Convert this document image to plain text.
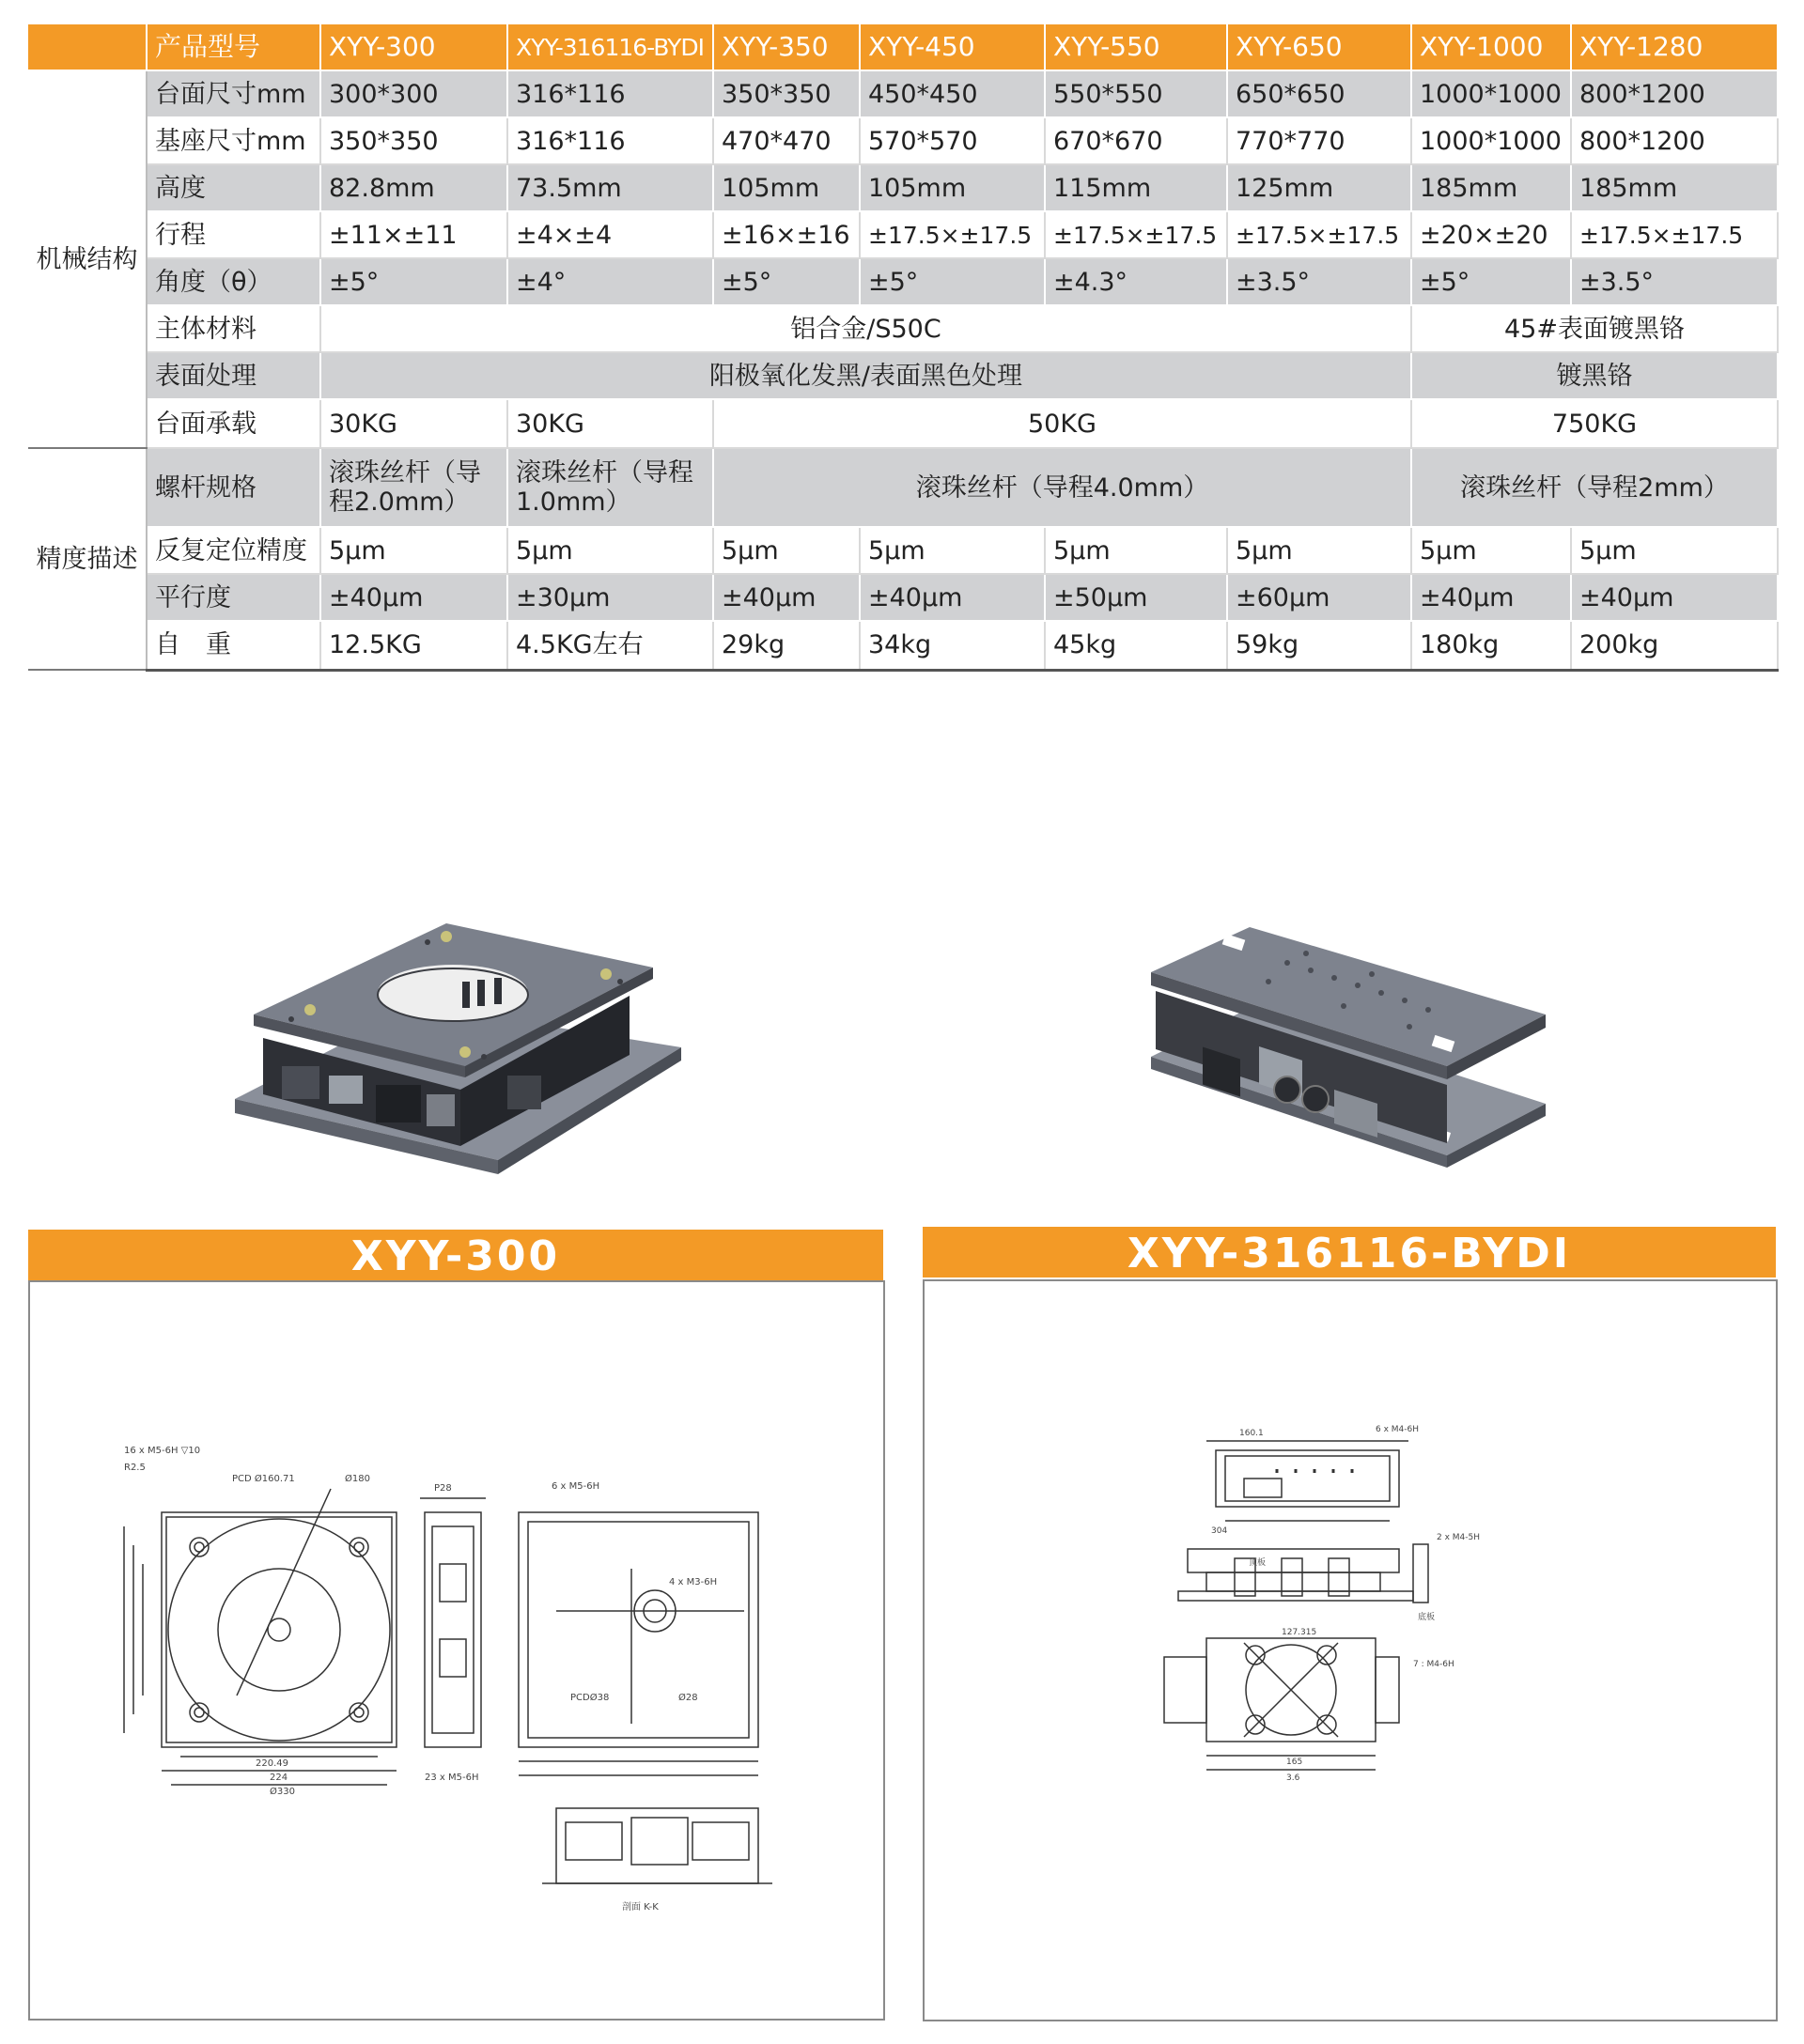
	产品型号	XYY-300	XYY-316116-BYDI	XYY-350	XYY-450	XYY-550	XYY-650	XYY-1000	XYY-1280
机械结构	台面尺寸mm	300*300	316*116	350*350	450*450	550*550	650*650	1000*1000	800*1200
	基座尺寸mm	350*350	316*116	470*470	570*570	670*670	770*770	1000*1000	800*1200
	高度	82.8mm	73.5mm	105mm	105mm	115mm	125mm	185mm	185mm
	行程	±11×±11	±4×±4	±16×±16	±17.5×±17.5	±17.5×±17.5	±17.5×±17.5	±20×±20	±17.5×±17.5
	角度（θ）	±5°	±4°	±5°	±5°	±4.3°	±3.5°	±5°	±3.5°
	主体材料	铝合金/S50C						45#表面镀黑铬	
	表面处理	阳极氧化发黑/表面黑色处理						镀黑铬	
	台面承载	30KG	30KG	50KG				750KG	
精度描述	螺杆规格	滚珠丝杆（导程2.0mm）	滚珠丝杆（导程1.0mm）	滚珠丝杆（导程4.0mm）				滚珠丝杆（导程2mm）	
	反复定位精度	5μm	5μm	5μm	5μm	5μm	5μm	5μm	5μm
	平行度	±40μm	±30μm	±40μm	±40μm	±50μm	±60μm	±40μm	±40μm
	自　重	12.5KG	4.5KG左右	29kg	34kg	45kg	59kg	180kg	200kg
XYY-300
16 x M5-6H ▽10
R2.5
PCD Ø160.71	Ø180
P28	6 x M5-6H
4 x M3-6H
PCDØ38	Ø28
23 x M5-6H
220.49
224
Ø330
剖面 K-K
XYY-316116-BYDI
160.1	6 x M4-6H
2 x M4-5H
304
顶板
底板
127.315
7 : M4-6H
165
3.6
